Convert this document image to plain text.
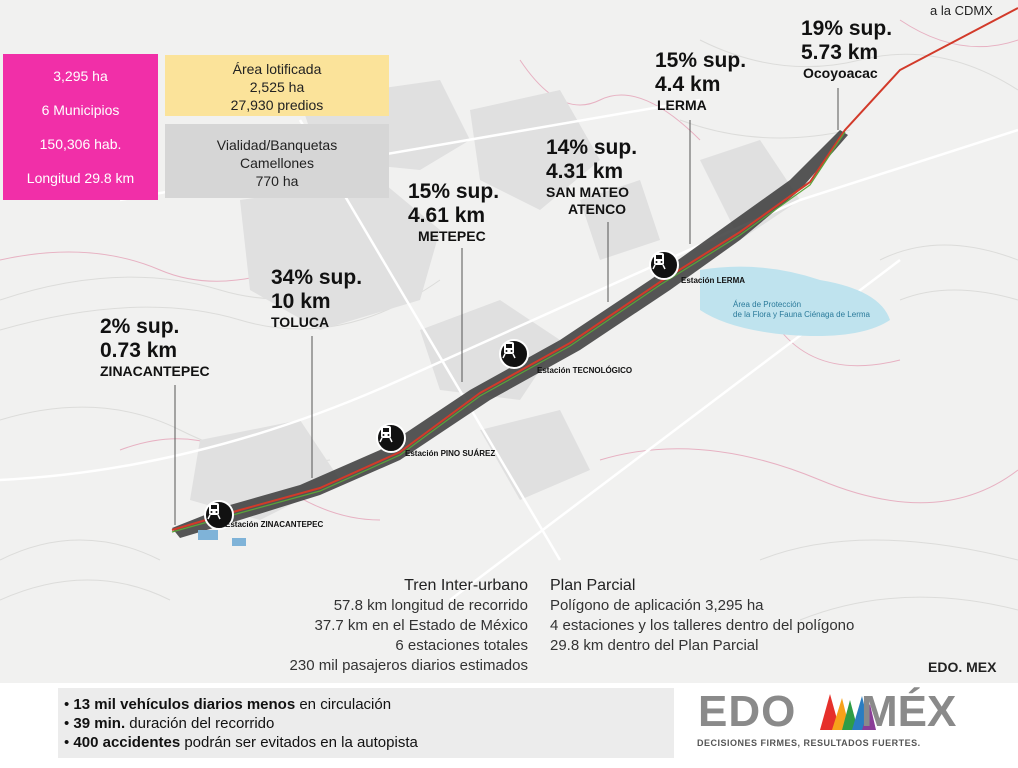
a la CDMX
3,295 ha
6 Municipios
150,306 hab.
Longitud 29.8 km
Área lotificada
2,525 ha
27,930 predios
Vialidad/Banquetas
Camellones
770 ha
2% sup.
0.73 km
ZINACANTEPEC
34% sup.
10 km
TOLUCA
15% sup.
4.61 km
METEPEC
14% sup.
4.31 km
SAN MATEO
ATENCO
15% sup.
4.4 km
LERMA
19% sup.
5.73 km
Ocoyoacac
Estación ZINACANTEPEC
Estación PINO SUÁREZ
Estación TECNOLÓGICO
Estación LERMA
Área de Protección
de la Flora y Fauna Ciénaga de Lerma
Tren Inter-urbano
57.8 km longitud de recorrido
37.7 km en el Estado de México
6 estaciones totales
230 mil pasajeros diarios estimados
Plan Parcial
Polígono de aplicación 3,295 ha
4 estaciones y los talleres dentro del polígono
29.8 km dentro del Plan Parcial
EDO. MEX
• 13 mil vehículos diarios menos en circulación
• 39 min. duración del recorrido
• 400 accidentes podrán ser evitados en la autopista
EDO MÉX
DECISIONES FIRMES, RESULTADOS FUERTES.
